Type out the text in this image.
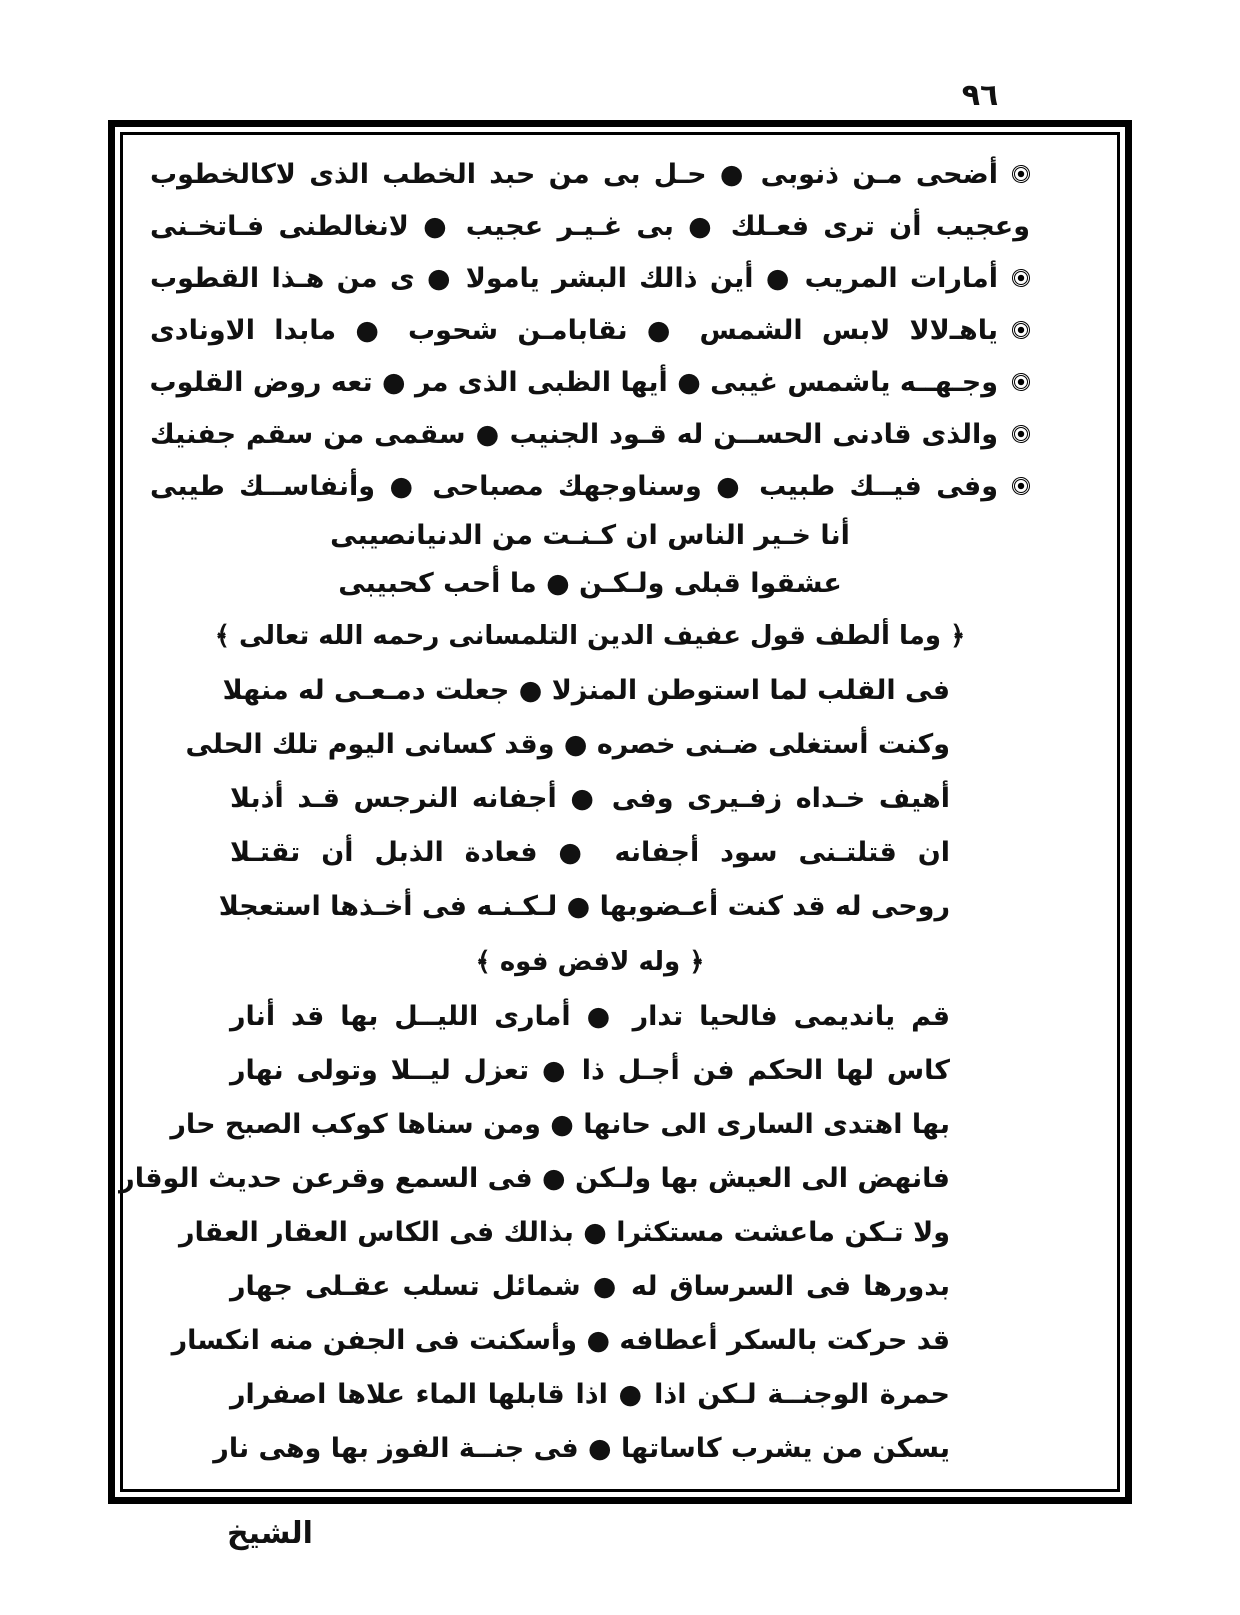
٩٦
أضحى مـن ذنوبى ● حـل بى من حبد الخطب الذى لاكالخطوب
وعجيب أن ترى فعـلك ● بى غـيـر عجيب ● لانغالطنى فـاتخـنى
أمارات المريب ● أين ذالك البشر ياموﻻ ● ى من هـذا القطوب
ياهـﻻلا لابس الشمس ● نقابامـن شحوب ● مابدا الاونادى
وجـهــه ياشمس غيبى ● أيها الظبى الذى مر ● تعه روض القلوب
والذى قادنى الحســن له قـود الجنيب ● سقمى من سقم جفنيك
وفى فيــك طبيب ● وسناوجهك مصباحى ● وأنفاســك طيبى
أنا خـير الناس ان كـنـت من الدنيانصيبى
عشقوا قبلى ولـكـن ● ما أحب كحبيبى
﴿ وما ألطف قول عفيف الدين التلمسانى رحمه الله تعالى ﴾
فى القلب لما استوطن المنزلا ● جعلت دمـعـى له منهلا
وكنت أستغلى ضـنى خصره ● وقد كسانى اليوم تلك الحلى
أهيف خـداه زفـيرى وفى ● أجفانه النرجس قـد أذبلا
ان قتلتـنى سود أجفانه ● فعادة الذبل أن تقتـلا
روحى له قد كنت أعـضوبها ● لـكـنـه فى أخـذها استعجلا
﴿ وله لافض فوه ﴾
قم يانديمى فالحيا تدار ● أمارى الليــل بها قد أنار
كاس لها الحكم فن أجـل ذا ● تعزل ليــلا وتولى نهار
بها اهتدى السارى الى حانها ● ومن سناها كوكب الصبح حار
فانهض الى العيش بها ولـكن ● فى السمع وقرعن حديث الوقار
ولا تـكن ماعشت مستكثرا ● بذالك فى الكاس العقار العقار
بدورها فى السرساق له ● شمائل تسلب عقـلى جهار
قد حركت بالسكر أعطافه ● وأسكنت فى الجفن منه انكسار
حمرة الوجنــة لـكن اذا ● اذا قابلها الماء علاها اصفرار
يسكن من يشرب كاساتها ● فى جنــة الفوز بها وهى نار
الشيخ
